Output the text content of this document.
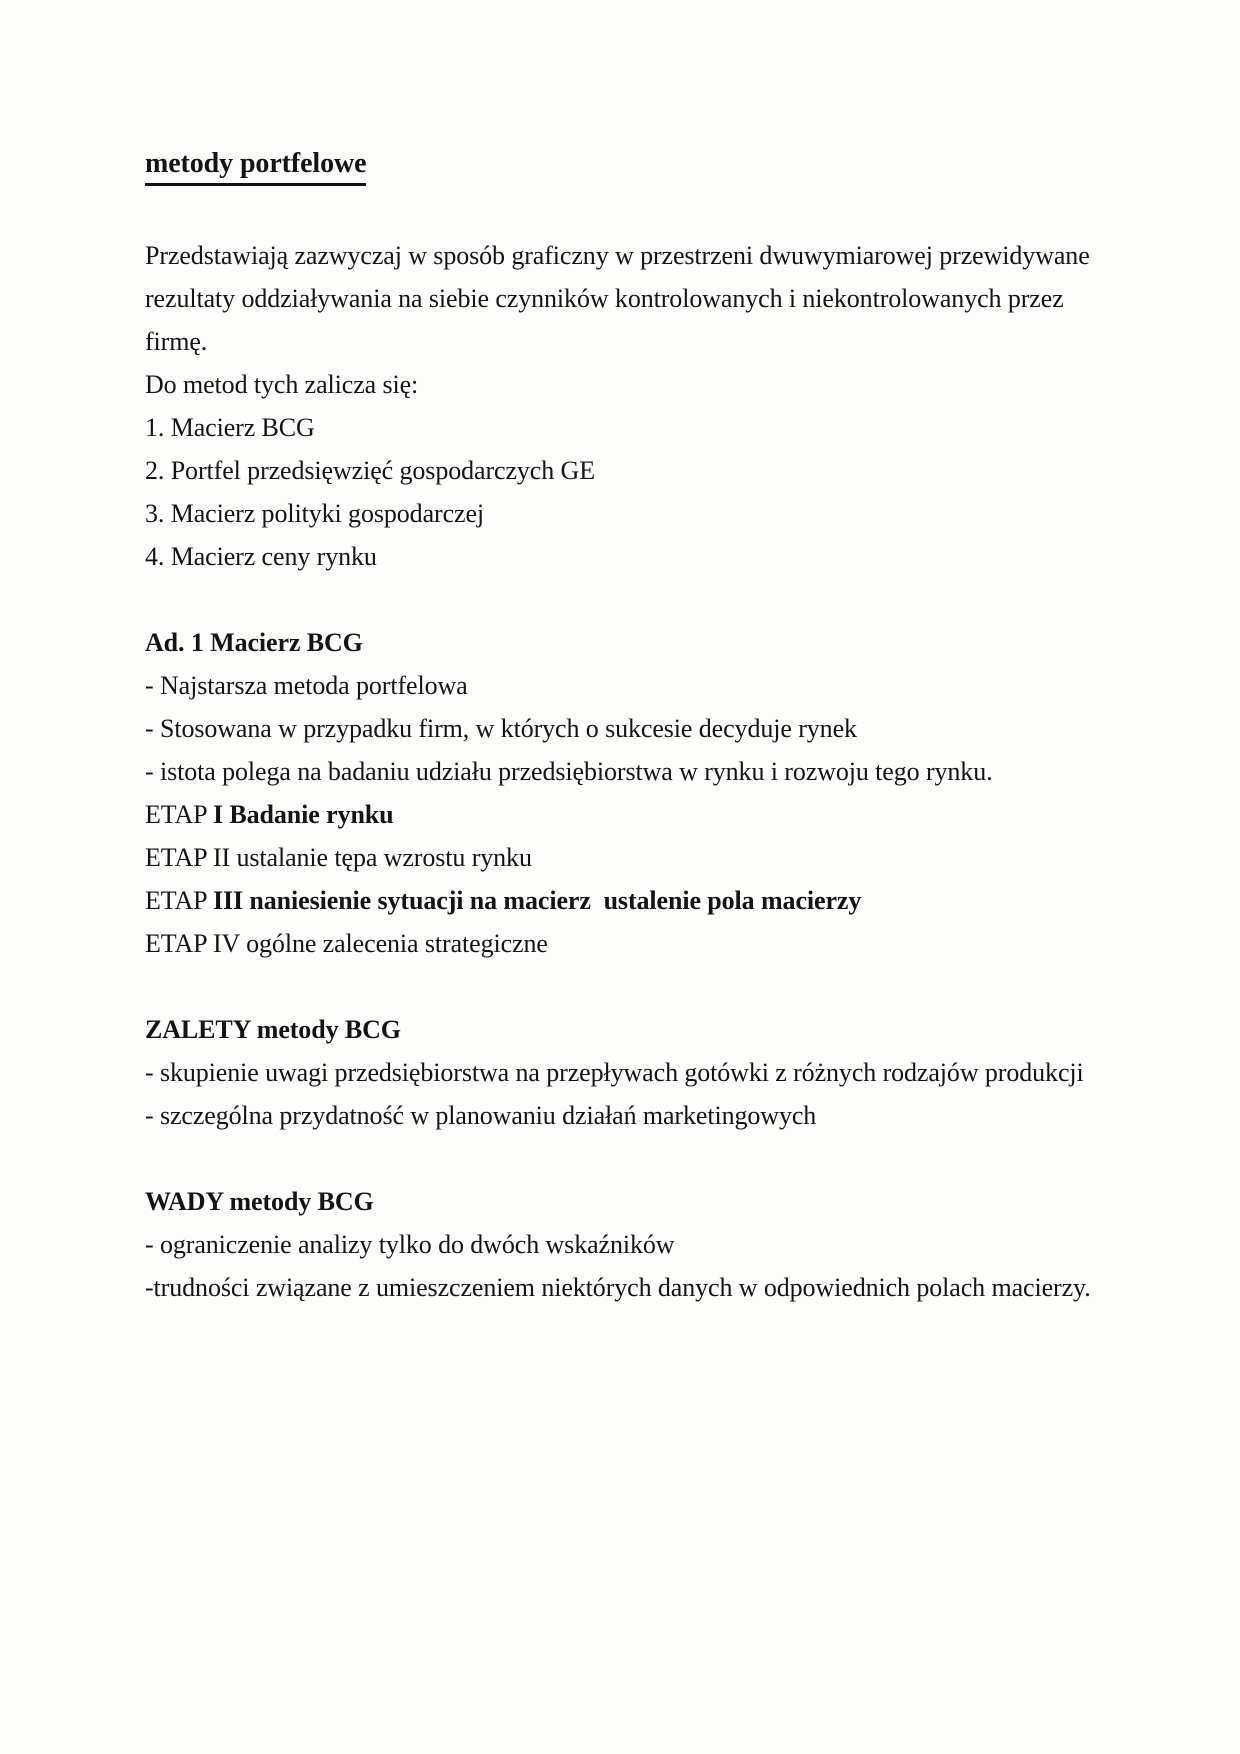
metody portfelowe
Przedstawiają zazwyczaj w sposób graficzny w przestrzeni dwuwymiarowej przewidywane
rezultaty oddziaływania na siebie czynników kontrolowanych i niekontrolowanych przez
firmę.
Do metod tych zalicza się:
1. Macierz BCG
2. Portfel przedsięwzięć gospodarczych GE
3. Macierz polityki gospodarczej
4. Macierz ceny rynku
Ad. 1 Macierz BCG
- Najstarsza metoda portfelowa
- Stosowana w przypadku firm, w których o sukcesie decyduje rynek
- istota polega na badaniu udziału przedsiębiorstwa w rynku i rozwoju tego rynku.
ETAP I Badanie rynku
ETAP II ustalanie tępa wzrostu rynku
ETAP III naniesienie sytuacji na macierz  ustalenie pola macierzy
ETAP IV ogólne zalecenia strategiczne
ZALETY metody BCG
- skupienie uwagi przedsiębiorstwa na przepływach gotówki z różnych rodzajów produkcji
- szczególna przydatność w planowaniu działań marketingowych
WADY metody BCG
- ograniczenie analizy tylko do dwóch wskaźników
-trudności związane z umieszczeniem niektórych danych w odpowiednich polach macierzy.
